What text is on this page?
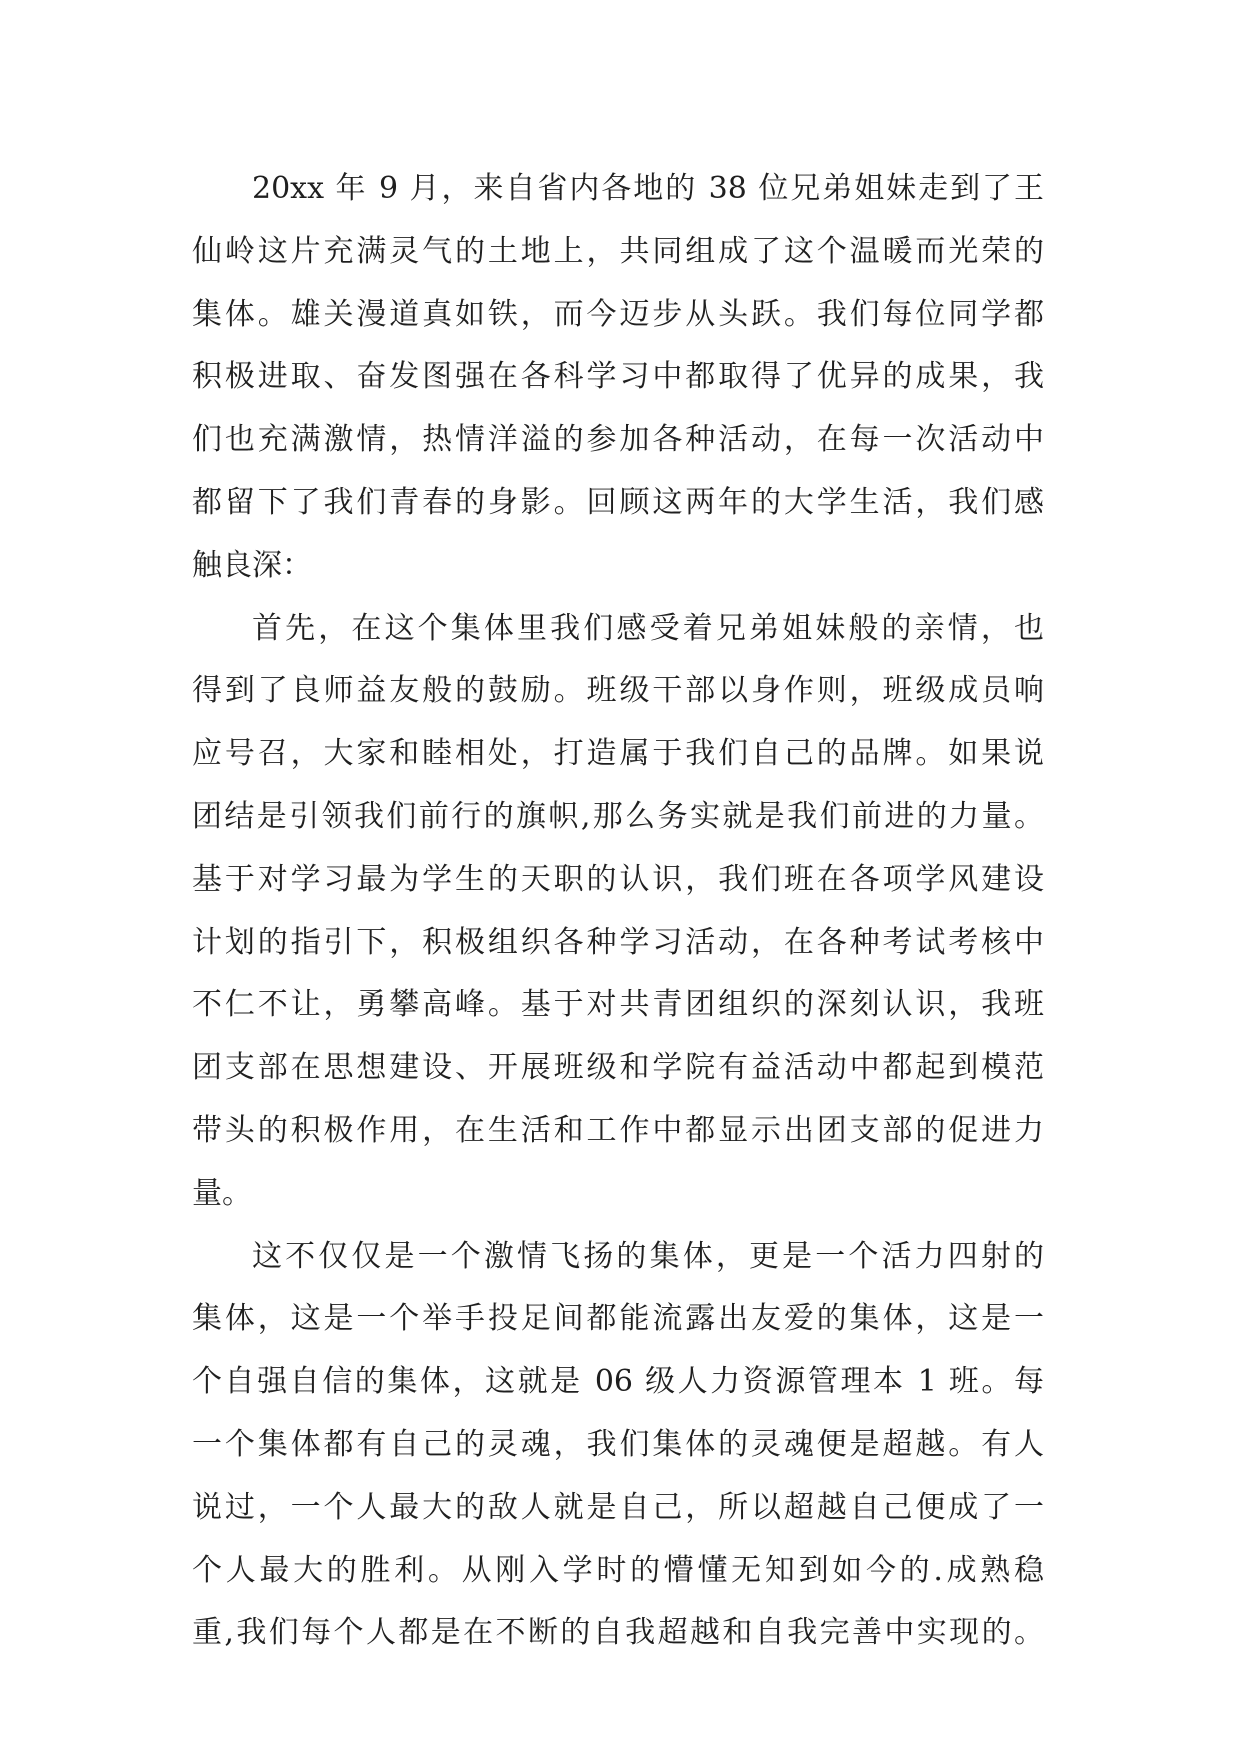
20xx 年 9 月，来自省内各地的 38 位兄弟姐妹走到了王
仙岭这片充满灵气的土地上，共同组成了这个温暖而光荣的
集体。雄关漫道真如铁，而今迈步从头跃。我们每位同学都
积极进取、奋发图强在各科学习中都取得了优异的成果，我
们也充满激情，热情洋溢的参加各种活动，在每一次活动中
都留下了我们青春的身影。回顾这两年的大学生活，我们感
触良深：

首先，在这个集体里我们感受着兄弟姐妹般的亲情，也
得到了良师益友般的鼓励。班级干部以身作则，班级成员响
应号召，大家和睦相处，打造属于我们自己的品牌。如果说
团结是引领我们前行的旗帜,那么务实就是我们前进的力量。
基于对学习最为学生的天职的认识，我们班在各项学风建设
计划的指引下，积极组织各种学习活动，在各种考试考核中
不仁不让，勇攀高峰。基于对共青团组织的深刻认识，我班
团支部在思想建设、开展班级和学院有益活动中都起到模范
带头的积极作用，在生活和工作中都显示出团支部的促进力
量。

这不仅仅是一个激情飞扬的集体，更是一个活力四射的
集体，这是一个举手投足间都能流露出友爱的集体，这是一
个自强自信的集体，这就是 06 级人力资源管理本 1 班。每
一个集体都有自己的灵魂，我们集体的灵魂便是超越。有人
说过，一个人最大的敌人就是自己，所以超越自己便成了一
个人最大的胜利。从刚入学时的懵懂无知到如今的.成熟稳
重,我们每个人都是在不断的自我超越和自我完善中实现的。
